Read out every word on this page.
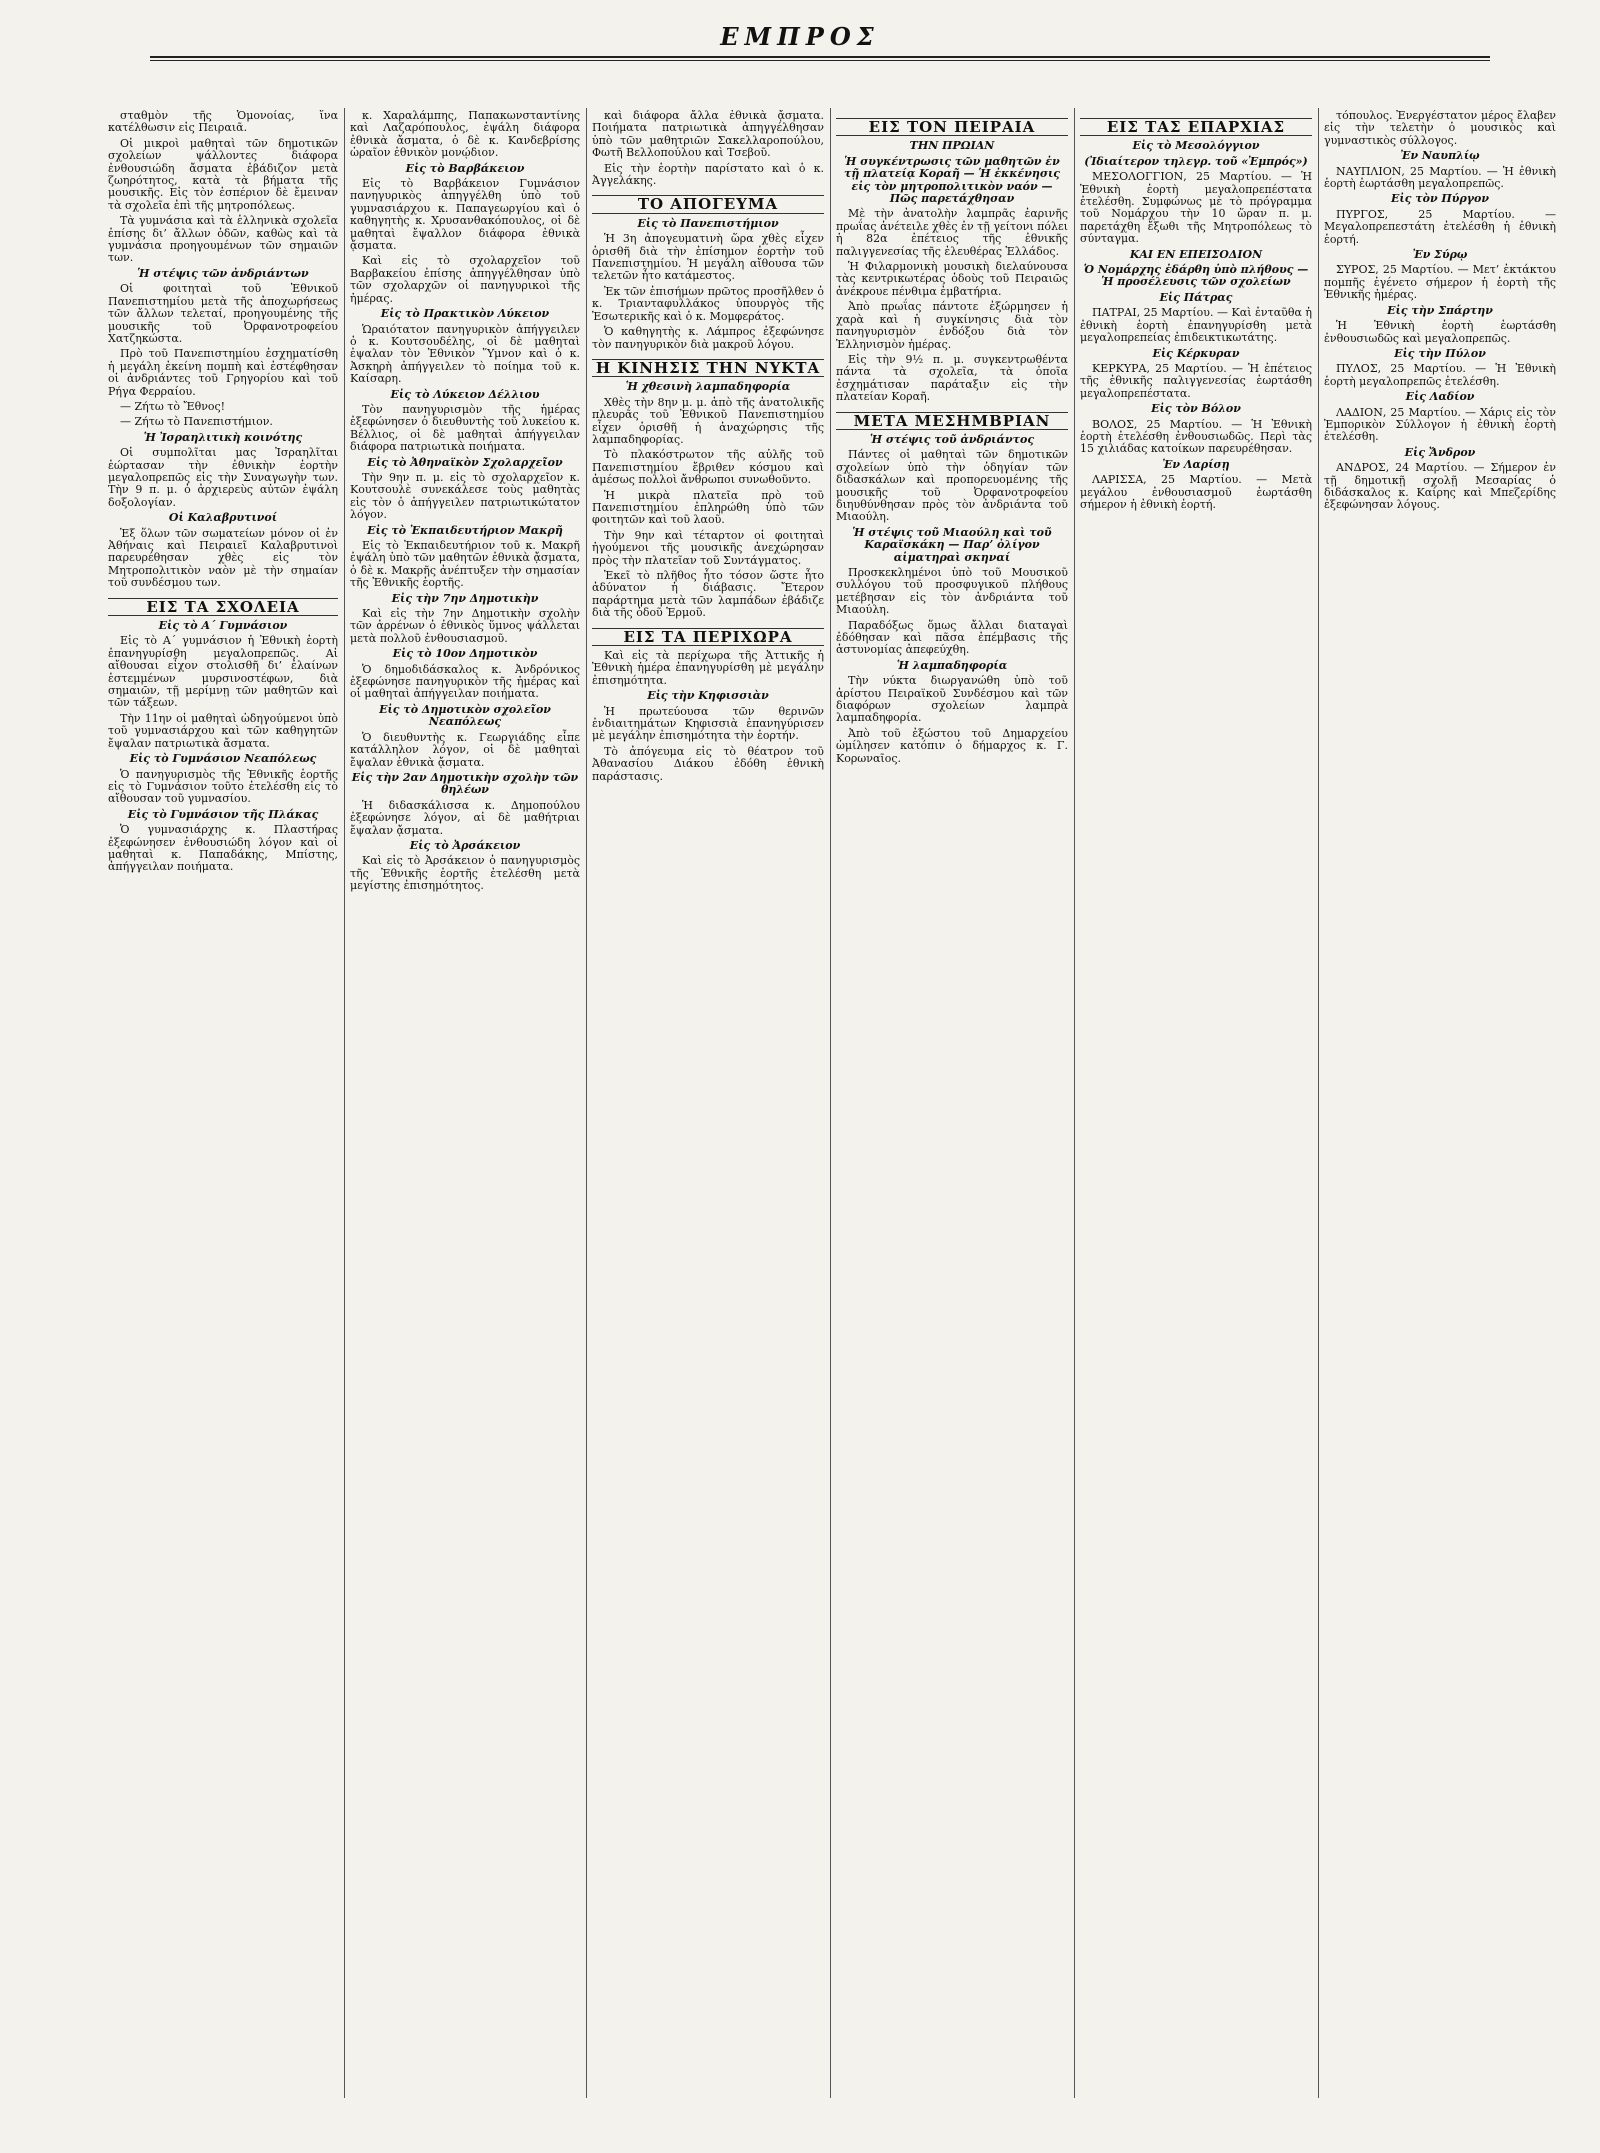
ΕΜΠΡΟΣ

σταθμὸν τῆς Ὁμονοίας, ἵνα κατέλθωσιν εἰς Πειραιᾶ.

Οἱ μικροὶ μαθηταὶ τῶν δημοτικῶν σχολείων ψάλλοντες διάφορα ἐνθουσιώδη ἄσματα ἐβάδιζον μετὰ ζωηρότητος, κατὰ τὰ βήματα τῆς μουσικῆς. Εἰς τὸν ἐσπέριον δὲ ἔμειναν τὰ σχολεῖα ἐπὶ τῆς μητροπόλεως.

Τὰ γυμνάσια καὶ τὰ ἑλληνικὰ σχολεῖα ἐπίσης δι’ ἄλλων ὁδῶν, καθὼς καὶ τὰ γυμνάσια προηγουμένων τῶν σημαιῶν των.

Ἡ στέψις τῶν ἀνδριάντων

Οἱ φοιτηταὶ τοῦ Ἐθνικοῦ Πανεπιστημίου μετὰ τῆς ἀποχωρήσεως τῶν ἄλλων τελεταί, προηγουμένης τῆς μουσικῆς τοῦ Ὀρφανοτροφείου Χατζηκώστα.

Πρὸ τοῦ Πανεπιστημίου ἐσχηματίσθη ἡ μεγάλη ἐκείνη πομπὴ καὶ ἐστέφθησαν οἱ ἀνδριάντες τοῦ Γρηγορίου καὶ τοῦ Ρήγα Φερραίου.

— Ζήτω τὸ Ἔθνος!

— Ζήτω τὸ Πανεπιστήμιον.

Ἡ Ἰσραηλιτικὴ κοινότης

Οἱ συμπολῖται μας Ἰσραηλῖται ἑώρτασαν τὴν ἐθνικὴν ἑορτὴν μεγαλοπρεπῶς εἰς τὴν Συναγωγὴν των. Τὴν 9 π. μ. ὁ ἀρχιερεὺς αὐτῶν ἐψάλη δοξολογίαν.

Οἱ Καλαβρυτινοί

Ἐξ ὅλων τῶν σωματείων μόνον οἱ ἐν Ἀθήναις καὶ Πειραιεῖ Καλαβρυτινοὶ παρευρέθησαν χθὲς εἰς τὸν Μητροπολιτικὸν ναὸν μὲ τὴν σημαίαν τοῦ συνδέσμου των.

ΕΙΣ ΤΑ ΣΧΟΛΕΙΑ

Εἰς τὸ Α΄ Γυμνάσιον

Εἰς τὸ Α΄ γυμνάσιον ἡ Ἐθνικὴ ἑορτὴ ἐπανηγυρίσθη μεγαλοπρεπῶς. Αἱ αἴθουσαι εἶχον στολισθῆ δι’ ἐλαίνων ἑστεμμένων μυρσινοστέφων, διὰ σημαιῶν, τῇ μερίμνῃ τῶν μαθητῶν καὶ τῶν τάξεων.

Τὴν 11ην οἱ μαθηταὶ ὡδηγούμενοι ὑπὸ τοῦ γυμνασιάρχου καὶ τῶν καθηγητῶν ἔψαλαν πατριωτικὰ ἄσματα.

Εἰς τὸ Γυμνάσιον Νεαπόλεως

Ὁ πανηγυρισμὸς τῆς Ἐθνικῆς ἑορτῆς εἰς τὸ Γυμνάσιον τοῦτο ἐτελέσθη εἰς τὸ αἴθουσαν τοῦ γυμνασίου.

Εἰς τὸ Γυμνάσιον τῆς Πλάκας

Ὁ γυμνασιάρχης κ. Πλαστήρας ἐξεφώνησεν ἐνθουσιώδη λόγον καὶ οἱ μαθηταὶ κ. Παπαδάκης, Μπίστης, ἀπήγγειλαν ποιήματα.

κ. Χαραλάμπης, Παπακωνσταντίνης καὶ Λαζαρόπουλος, ἐψάλη διάφορα ἐθνικὰ ἄσματα, ὁ δὲ κ. Κανδεβρίσης ὡραῖον ἐθνικὸν μονῴδιον.

Εἰς τὸ Βαρβάκειον

Εἰς τὸ Βαρβάκειον Γυμνάσιον πανηγυρικὸς ἀπηγγέλθη ὑπὸ τοῦ γυμνασιάρχου κ. Παπαγεωργίου καὶ ὁ καθηγητὴς κ. Χρυσανθακόπουλος, οἱ δὲ μαθηταὶ ἔψαλλον διάφορα ἐθνικὰ ᾄσματα.

Καὶ εἰς τὸ σχολαρχεῖον τοῦ Βαρβακείου ἐπίσης ἀπηγγέλθησαν ὑπὸ τῶν σχολαρχῶν οἱ πανηγυρικοὶ τῆς ἡμέρας.

Εἰς τὸ Πρακτικὸν Λύκειον

Ὡραιότατον πανηγυρικὸν ἀπήγγειλεν ὁ κ. Κουτσουδέλης, οἱ δὲ μαθηταὶ ἐψαλαν τὸν Ἐθνικὸν Ὕμνον καὶ ὁ κ. Ἀσκηρὴ ἀπήγγειλεν τὸ ποίημα τοῦ κ. Καίσαρη.

Εἰς τὸ Λύκειον Δέλλιου

Τὸν πανηγυρισμὸν τῆς ἡμέρας ἐξεφώνησεν ὁ διευθυντὴς τοῦ λυκείου κ. Βέλλιος, οἱ δὲ μαθηταὶ ἀπήγγειλαν διάφορα πατριωτικὰ ποιήματα.

Εἰς τὸ Ἀθηναϊκὸν Σχολαρχεῖον

Τὴν 9ην π. μ. εἰς τὸ σχολαρχεῖον κ. Κουτσουλὲ συνεκάλεσε τοὺς μαθητὰς εἰς τὸν ὁ ἀπήγγειλεν πατριωτικώτατον λόγον.

Εἰς τὸ Ἐκπαιδευτήριον Μακρῆ

Εἰς τὸ Ἐκπαιδευτήριον τοῦ κ. Μακρῆ ἐψάλη ὑπὸ τῶν μαθητῶν ἐθνικὰ ᾄσματα, ὁ δὲ κ. Μακρῆς ἀνέπτυξεν τὴν σημασίαν τῆς Ἐθνικῆς ἑορτῆς.

Εἰς τὴν 7ην Δημοτικὴν

Καὶ εἰς τὴν 7ην Δημοτικὴν σχολὴν τῶν ἀρρένων ὁ ἐθνικὸς ὕμνος ψάλλεται μετὰ πολλοῦ ἐνθουσιασμοῦ.

Εἰς τὸ 10ον Δημοτικὸν

Ὁ δημοδιδάσκαλος κ. Ἀνδρόνικος ἐξεφώνησε πανηγυρικὸν τῆς ἡμέρας καὶ οἱ μαθηταὶ ἀπήγγειλαν ποιήματα.

Εἰς τὸ Δημοτικὸν σχολεῖον Νεαπόλεως

Ὁ διευθυντὴς κ. Γεωργιάδης εἶπε κατάλληλον λόγον, οἱ δὲ μαθηταὶ ἔψαλαν ἐθνικὰ ᾄσματα.

Εἰς τὴν 2αν Δημοτικὴν σχολὴν τῶν θηλέων

Ἡ διδασκάλισσα κ. Δημοπούλου ἐξεφώνησε λόγον, αἱ δὲ μαθήτριαι ἔψαλαν ᾄσματα.

Εἰς τὸ Ἀρσάκειον

Καὶ εἰς τὸ Ἀρσάκειον ὁ πανηγυρισμὸς τῆς Ἐθνικῆς ἑορτῆς ἐτελέσθη μετὰ μεγίστης ἐπισημότητος.

καὶ διάφορα ἄλλα ἐθνικὰ ᾄσματα. Ποιήματα πατριωτικὰ ἀπηγγέλθησαν ὑπὸ τῶν μαθητριῶν Σακελλαροπούλου, Φωτῆ Βελλοπούλου καὶ Τσεβοῦ.

Εἰς τὴν ἑορτὴν παρίστατο καὶ ὁ κ. Ἀγγελάκης.

ΤΟ ΑΠΟΓΕΥΜΑ

Εἰς τὸ Πανεπιστήμιον

Ἡ 3η ἀπογευματινὴ ὥρα χθὲς εἶχεν ὁρισθῆ διὰ τὴν ἐπίσημον ἑορτὴν τοῦ Πανεπιστημίου. Ἡ μεγάλη αἴθουσα τῶν τελετῶν ἦτο κατάμεστος.

Ἐκ τῶν ἐπισήμων πρῶτος προσῆλθεν ὁ κ. Τριανταφυλλάκος ὑπουργὸς τῆς Ἐσωτερικῆς καὶ ὁ κ. Μομφεράτος.

Ὁ καθηγητὴς κ. Λάμπρος ἐξεφώνησε τὸν πανηγυρικὸν διὰ μακροῦ λόγου.

Η ΚΙΝΗΣΙΣ ΤΗΝ ΝΥΚΤΑ

Ἡ χθεσινὴ λαμπαδηφορία

Χθὲς τὴν 8ην μ. μ. ἀπὸ τῆς ἀνατολικῆς πλευρᾶς τοῦ Ἐθνικοῦ Πανεπιστημίου εἶχεν ὁρισθῆ ἡ ἀναχώρησις τῆς λαμπαδηφορίας.

Τὸ πλακόστρωτον τῆς αὐλῆς τοῦ Πανεπιστημίου ἔβριθεν κόσμου καὶ ἀμέσως πολλοὶ ἄνθρωποι συνωθοῦντο.

Ἡ μικρὰ πλατεῖα πρὸ τοῦ Πανεπιστημίου ἐπληρώθη ὑπὸ τῶν φοιτητῶν καὶ τοῦ λαοῦ.

Τὴν 9ην καὶ τέταρτον οἱ φοιτηταὶ ἡγούμενοι τῆς μουσικῆς ἀνεχώρησαν πρὸς τὴν πλατεῖαν τοῦ Συντάγματος.

Ἐκεῖ τὸ πλῆθος ἦτο τόσον ὥστε ἦτο ἀδύνατον ἡ διάβασις. Ἔτερον παράρτημα μετὰ τῶν λαμπάδων ἐβάδιζε διὰ τῆς ὁδοῦ Ἑρμοῦ.

ΕΙΣ ΤΑ ΠΕΡΙΧΩΡΑ

Καὶ εἰς τὰ περίχωρα τῆς Ἀττικῆς ἡ Ἐθνικὴ ἡμέρα ἐπανηγυρίσθη μὲ μεγάλην ἐπισημότητα.

Εἰς τὴν Κηφισσιὰν

Ἡ πρωτεύουσα τῶν θερινῶν ἐνδιαιτημάτων Κηφισσιὰ ἐπανηγύρισεν μὲ μεγάλην ἐπισημότητα τὴν ἑορτήν.

Τὸ ἀπόγευμα εἰς τὸ θέατρον τοῦ Ἀθανασίου Διάκου ἐδόθη ἐθνικὴ παράστασις.

ΕΙΣ ΤΟΝ ΠΕΙΡΑΙΑ

ΤΗΝ ΠΡΩΙΑΝ

Ἡ συγκέντρωσις τῶν μαθητῶν ἐν τῇ πλατείᾳ Κοραῆ — Ἡ ἐκκένησις εἰς τὸν μητροπολιτικὸν ναόν — Πῶς παρετάχθησαν

Μὲ τὴν ἀνατολὴν λαμπρᾶς ἐαρινῆς πρωΐας ἀνέτειλε χθὲς ἐν τῇ γείτονι πόλει ἡ 82α ἐπέτειος τῆς ἐθνικῆς παλιγγενεσίας τῆς ἐλευθέρας Ἑλλάδος.

Ἡ Φιλαρμονικὴ μουσικὴ διελαύνουσα τὰς κεντρικωτέρας ὁδοὺς τοῦ Πειραιῶς ἀνέκρουε πένθιμα ἐμβατήρια.

Ἀπὸ πρωΐας πάντοτε ἐξώρμησεν ἡ χαρὰ καὶ ἡ συγκίνησις διὰ τὸν πανηγυρισμὸν ἐνδόξου διὰ τὸν Ἑλληνισμὸν ἡμέρας.

Εἰς τὴν 9½ π. μ. συγκεντρωθέντα πάντα τὰ σχολεῖα, τὰ ὁποῖα ἐσχημάτισαν παράταξιν εἰς τὴν πλατείαν Κοραῆ.

ΜΕΤΑ ΜΕΣΗΜΒΡΙΑΝ

Ἡ στέψις τοῦ ἀνδριάντος

Πάντες οἱ μαθηταὶ τῶν δημοτικῶν σχολείων ὑπὸ τὴν ὁδηγίαν τῶν διδασκάλων καὶ προπορευομένης τῆς μουσικῆς τοῦ Ὀρφανοτροφείου διηυθύνθησαν πρὸς τὸν ἀνδριάντα τοῦ Μιαούλη.

Ἡ στέψις τοῦ Μιαούλη καὶ τοῦ Καραϊσκάκη — Παρ’ ὀλίγον αἱματηραὶ σκηναί

Προσκεκλημένοι ὑπὸ τοῦ Μουσικοῦ συλλόγου τοῦ προσφυγικοῦ πλήθους μετέβησαν εἰς τὸν ἀνδριάντα τοῦ Μιαούλη.

Παραδόξως ὅμως ἄλλαι διαταγαὶ ἐδόθησαν καὶ πᾶσα ἐπέμβασις τῆς ἀστυνομίας ἀπεφεύχθη.

Ἡ λαμπαδηφορία

Τὴν νύκτα διωργανώθη ὑπὸ τοῦ ἀρίστου Πειραϊκοῦ Συνδέσμου καὶ τῶν διαφόρων σχολείων λαμπρὰ λαμπαδηφορία.

Ἀπὸ τοῦ ἐξώστου τοῦ Δημαρχείου ὡμίλησεν κατόπιν ὁ δήμαρχος κ. Γ. Κορωναῖος.

ΕΙΣ ΤΑΣ ΕΠΑΡΧΙΑΣ

Εἰς τὸ Μεσολόγγιον

(Ἰδιαίτερον τηλεγρ. τοῦ «Ἐμπρός»)

ΜΕΣΟΛΟΓΓΙΟΝ, 25 Μαρτίου. — Ἡ Ἐθνικὴ ἑορτὴ μεγαλοπρεπέστατα ἐτελέσθη. Συμφώνως μὲ τὸ πρόγραμμα τοῦ Νομάρχου τὴν 10 ὥραν π. μ. παρετάχθη ἔξωθι τῆς Μητροπόλεως τὸ σύνταγμα.

ΚΑΙ ΕΝ ΕΠΕΙΣΟΔΙΟΝ

Ὁ Νομάρχης ἐδάρθη ὑπὸ πλήθους — Ἡ προσέλευσις τῶν σχολείων

Εἰς Πάτρας

ΠΑΤΡΑΙ, 25 Μαρτίου. — Καὶ ἐνταῦθα ἡ ἐθνικὴ ἑορτὴ ἐπανηγυρίσθη μετὰ μεγαλοπρεπείας ἐπιδεικτικωτάτης.

Εἰς Κέρκυραν

ΚΕΡΚΥΡΑ, 25 Μαρτίου. — Ἡ ἐπέτειος τῆς ἐθνικῆς παλιγγενεσίας ἑωρτάσθη μεγαλοπρεπέστατα.

Εἰς τὸν Βόλον

ΒΟΛΟΣ, 25 Μαρτίου. — Ἡ Ἐθνικὴ ἑορτὴ ἐτελέσθη ἐνθουσιωδῶς. Περὶ τὰς 15 χιλιάδας κατοίκων παρευρέθησαν.

Ἐν Λαρίσῃ

ΛΑΡΙΣΣΑ, 25 Μαρτίου. — Μετὰ μεγάλου ἐνθουσιασμοῦ ἐωρτάσθη σήμερον ἡ ἐθνικὴ ἑορτή.

τόπουλος. Ἐνεργέστατον μέρος ἔλαβεν εἰς τὴν τελετὴν ὁ μουσικὸς καὶ γυμναστικὸς σύλλογος.

Ἐν Ναυπλίῳ

ΝΑΥΠΛΙΟΝ, 25 Μαρτίου. — Ἡ ἐθνικὴ ἑορτὴ ἑωρτάσθη μεγαλοπρεπῶς.

Εἰς τὸν Πύργον

ΠΥΡΓΟΣ, 25 Μαρτίου. — Μεγαλοπρεπεστάτη ἐτελέσθη ἡ ἐθνικὴ ἑορτή.

Ἐν Σύρῳ

ΣΥΡΟΣ, 25 Μαρτίου. — Μετ’ ἐκτάκτου πομπῆς ἐγένετο σήμερον ἡ ἑορτὴ τῆς Ἐθνικῆς ἡμέρας.

Εἰς τὴν Σπάρτην

Ἡ Ἐθνικὴ ἑορτὴ ἑωρτάσθη ἐνθουσιωδῶς καὶ μεγαλοπρεπῶς.

Εἰς τὴν Πύλον

ΠΥΛΟΣ, 25 Μαρτίου. — Ἡ Ἐθνικὴ ἑορτὴ μεγαλοπρεπῶς ἐτελέσθη.

Εἰς Λαδίον

ΛΑΔΙΟΝ, 25 Μαρτίου. — Χάρις εἰς τὸν Ἐμπορικὸν Σύλλογον ἡ ἐθνικὴ ἑορτὴ ἐτελέσθη.

Εἰς Ἄνδρον

ΑΝΔΡΟΣ, 24 Μαρτίου. — Σήμερον ἐν τῇ δημοτικῇ σχολῇ Μεσαρίας ὁ διδάσκαλος κ. Καίρης καὶ Μπεζερίδης ἐξεφώνησαν λόγους.
